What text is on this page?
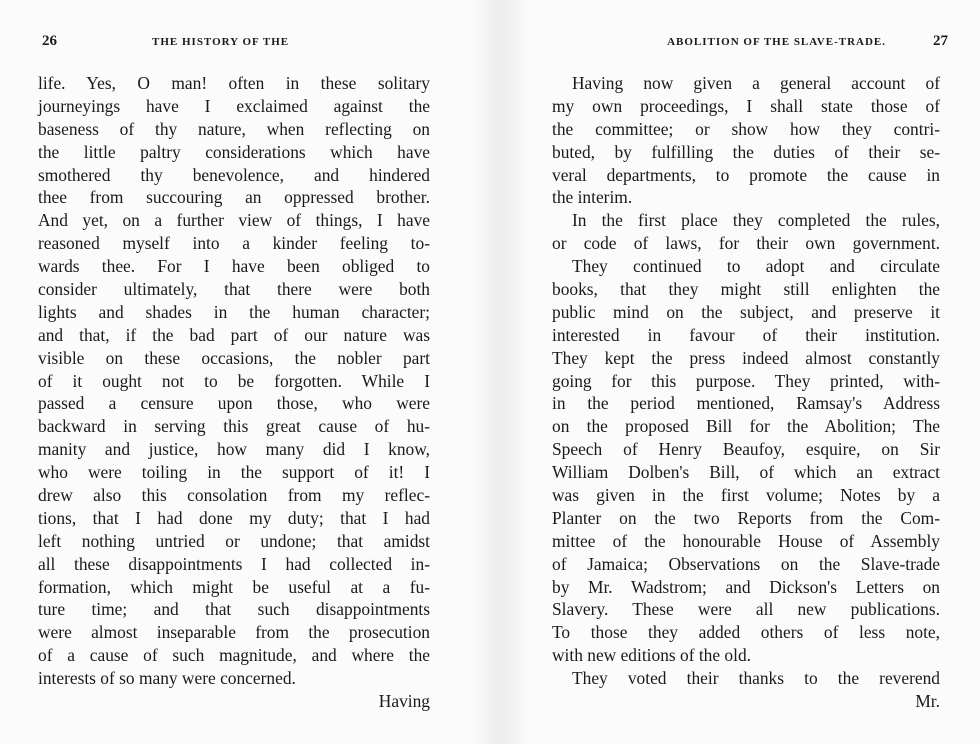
26	THE HISTORY OF THE
life. Yes, O man! often in these solitary
journeyings have I exclaimed against the
baseness of thy nature, when reflecting on
the little paltry considerations which have
smothered thy benevolence, and hindered
thee from succouring an oppressed brother.
And yet, on a further view of things, I have
reasoned myself into a kinder feeling to-
wards thee. For I have been obliged to
consider ultimately, that there were both
lights and shades in the human character;
and that, if the bad part of our nature was
visible on these occasions, the nobler part
of it ought not to be forgotten. While I
passed a censure upon those, who were
backward in serving this great cause of hu-
manity and justice, how many did I know,
who were toiling in the support of it! I
drew also this consolation from my reflec-
tions, that I had done my duty; that I had
left nothing untried or undone; that amidst
all these disappointments I had collected in-
formation, which might be useful at a fu-
ture time; and that such disappointments
were almost inseparable from the prosecution
of a cause of such magnitude, and where the
interests of so many were concerned.
Having
ABOLITION OF THE SLAVE-TRADE.	27
Having now given a general account of
my own proceedings, I shall state those of
the committee; or show how they contri-
buted, by fulfilling the duties of their se-
veral departments, to promote the cause in
the interim.
In the first place they completed the rules,
or code of laws, for their own government.
They continued to adopt and circulate
books, that they might still enlighten the
public mind on the subject, and preserve it
interested in favour of their institution.
They kept the press indeed almost constantly
going for this purpose. They printed, with-
in the period mentioned, Ramsay's Address
on the proposed Bill for the Abolition; The
Speech of Henry Beaufoy, esquire, on Sir
William Dolben's Bill, of which an extract
was given in the first volume; Notes by a
Planter on the two Reports from the Com-
mittee of the honourable House of Assembly
of Jamaica; Observations on the Slave-trade
by Mr. Wadstrom; and Dickson's Letters on
Slavery. These were all new publications.
To those they added others of less note,
with new editions of the old.
They voted their thanks to the reverend
Mr.
